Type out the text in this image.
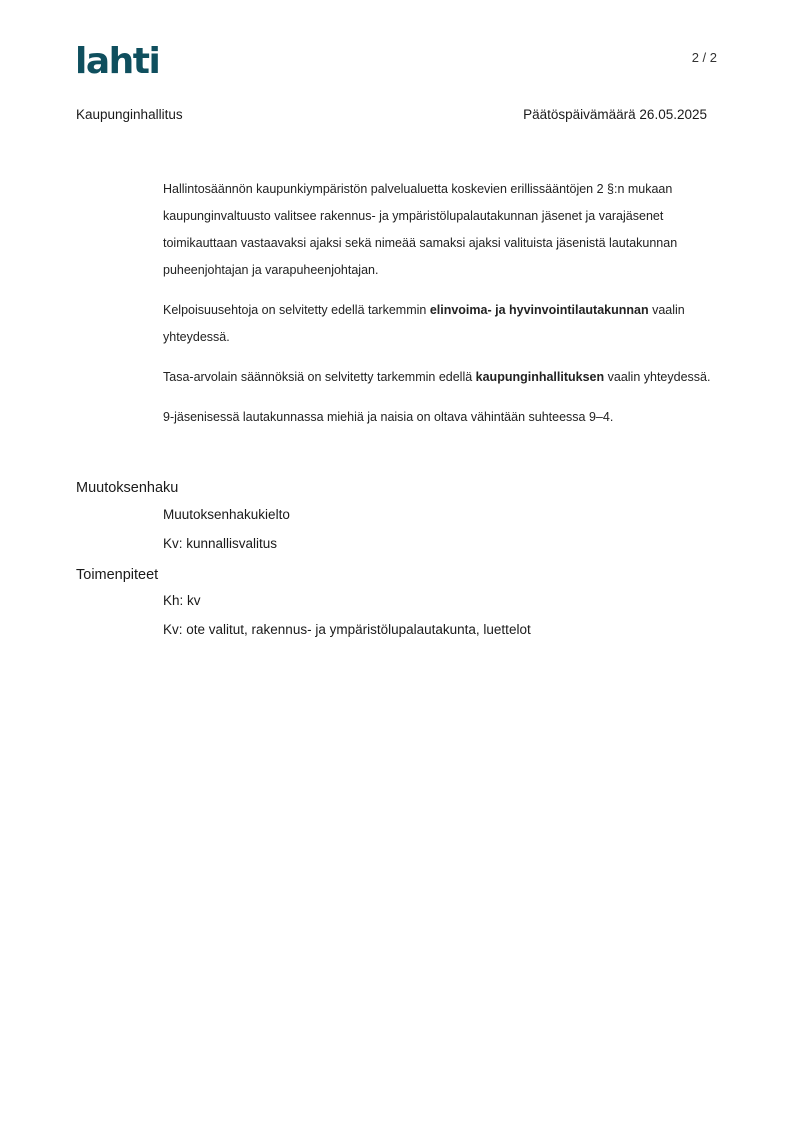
lahti	2 / 2
Kaupunginhallitus	Päätöspäivämäärä 26.05.2025

Hallintosäännön kaupunkiympäristön palvelualuetta koskevien erillissääntöjen 2 §:n mukaan kaupunginvaltuusto valitsee rakennus- ja ympäristölupalautakunnan jäsenet ja varajäsenet toimikauttaan vastaavaksi ajaksi sekä nimeää samaksi ajaksi valituista jäsenistä lautakunnan puheenjohtajan ja varapuheenjohtajan.

Kelpoisuusehtoja on selvitetty edellä tarkemmin elinvoima- ja hyvinvointilautakunnan vaalin yhteydessä.

Tasa-arvolain säännöksiä on selvitetty tarkemmin edellä kaupunginhallituksen vaalin yhteydessä.

9-jäsenisessä lautakunnassa miehiä ja naisia on oltava vähintään suhteessa 9–4.

Muutoksenhaku
Muutoksenhakukielto
Kv: kunnallisvalitus
Toimenpiteet
Kh: kv
Kv: ote valitut, rakennus- ja ympäristölupalautakunta, luettelot
